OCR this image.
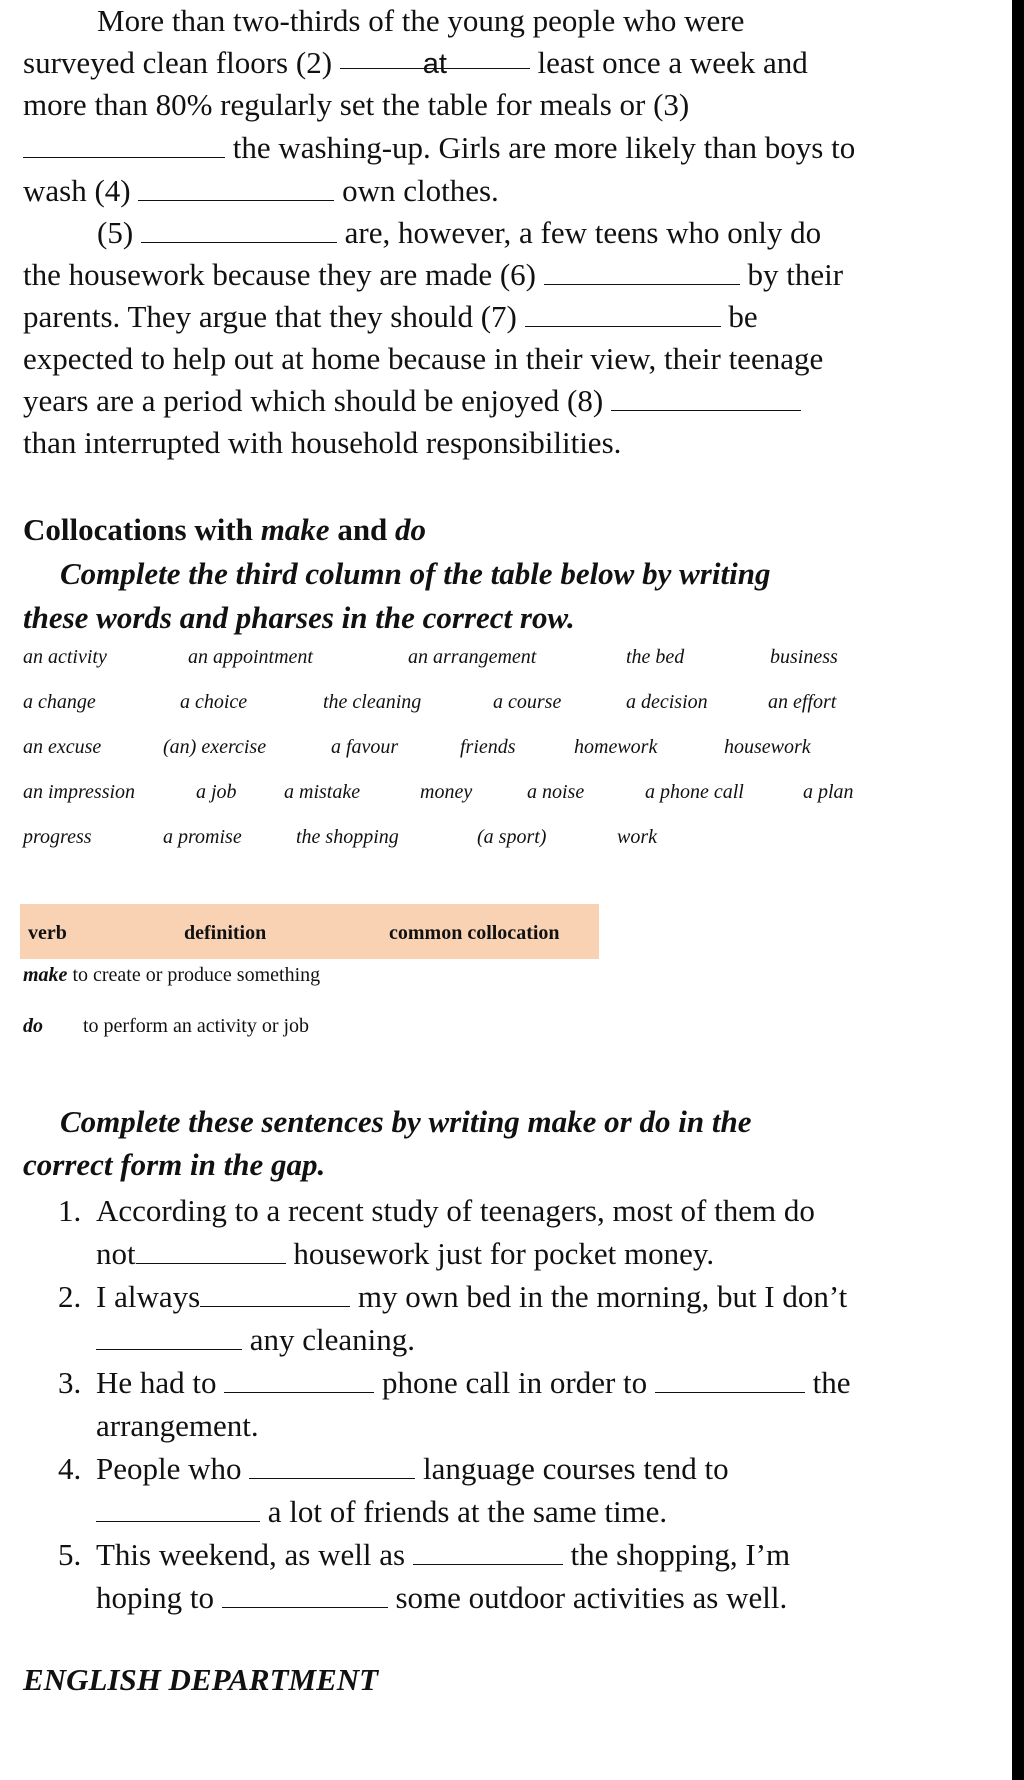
More than two-thirds of the young people who were
surveyed clean floors (2)	at	least once a week and
more than 80% regularly set the table for meals or (3)
the washing-up. Girls are more likely than boys to
wash (4)	own clothes.
(5)	are, however, a few teens who only do
the housework because they are made (6)	by their
parents. They argue that they should (7)	be
expected to help out at home because in their view, their teenage
years are a period which should be enjoyed (8)
than interrupted with household responsibilities.
Collocations with make and do
Complete the third column of the table below by writing
these words and pharses in the correct row.
an activity	an appointment	an arrangement	the bed	business
a change	a choice	the cleaning	a course	a decision	an effort
an excuse	(an) exercise	a favour	friends	homework	housework
an impression	a job a mistake	money	a noise	a phone call	a plan
progress	a promise	the shopping	(a sport)	work
verb	definition	common collocation
make to create or produce something
do to perform an activity or job
Complete these sentences by writing make or do in the
correct form in the gap.
1. According to a recent study of teenagers, most of them do
not	housework just for pocket money.
2. I always	my own bed in the morning, but I don’t
any cleaning.
3. He had to	phone call in order to	the
arrangement.
4. People who	language courses tend to
a lot of friends at the same time.
5. This weekend, as well as	the shopping, I’m
hoping to	some outdoor activities as well.
ENGLISH DEPARTMENT
